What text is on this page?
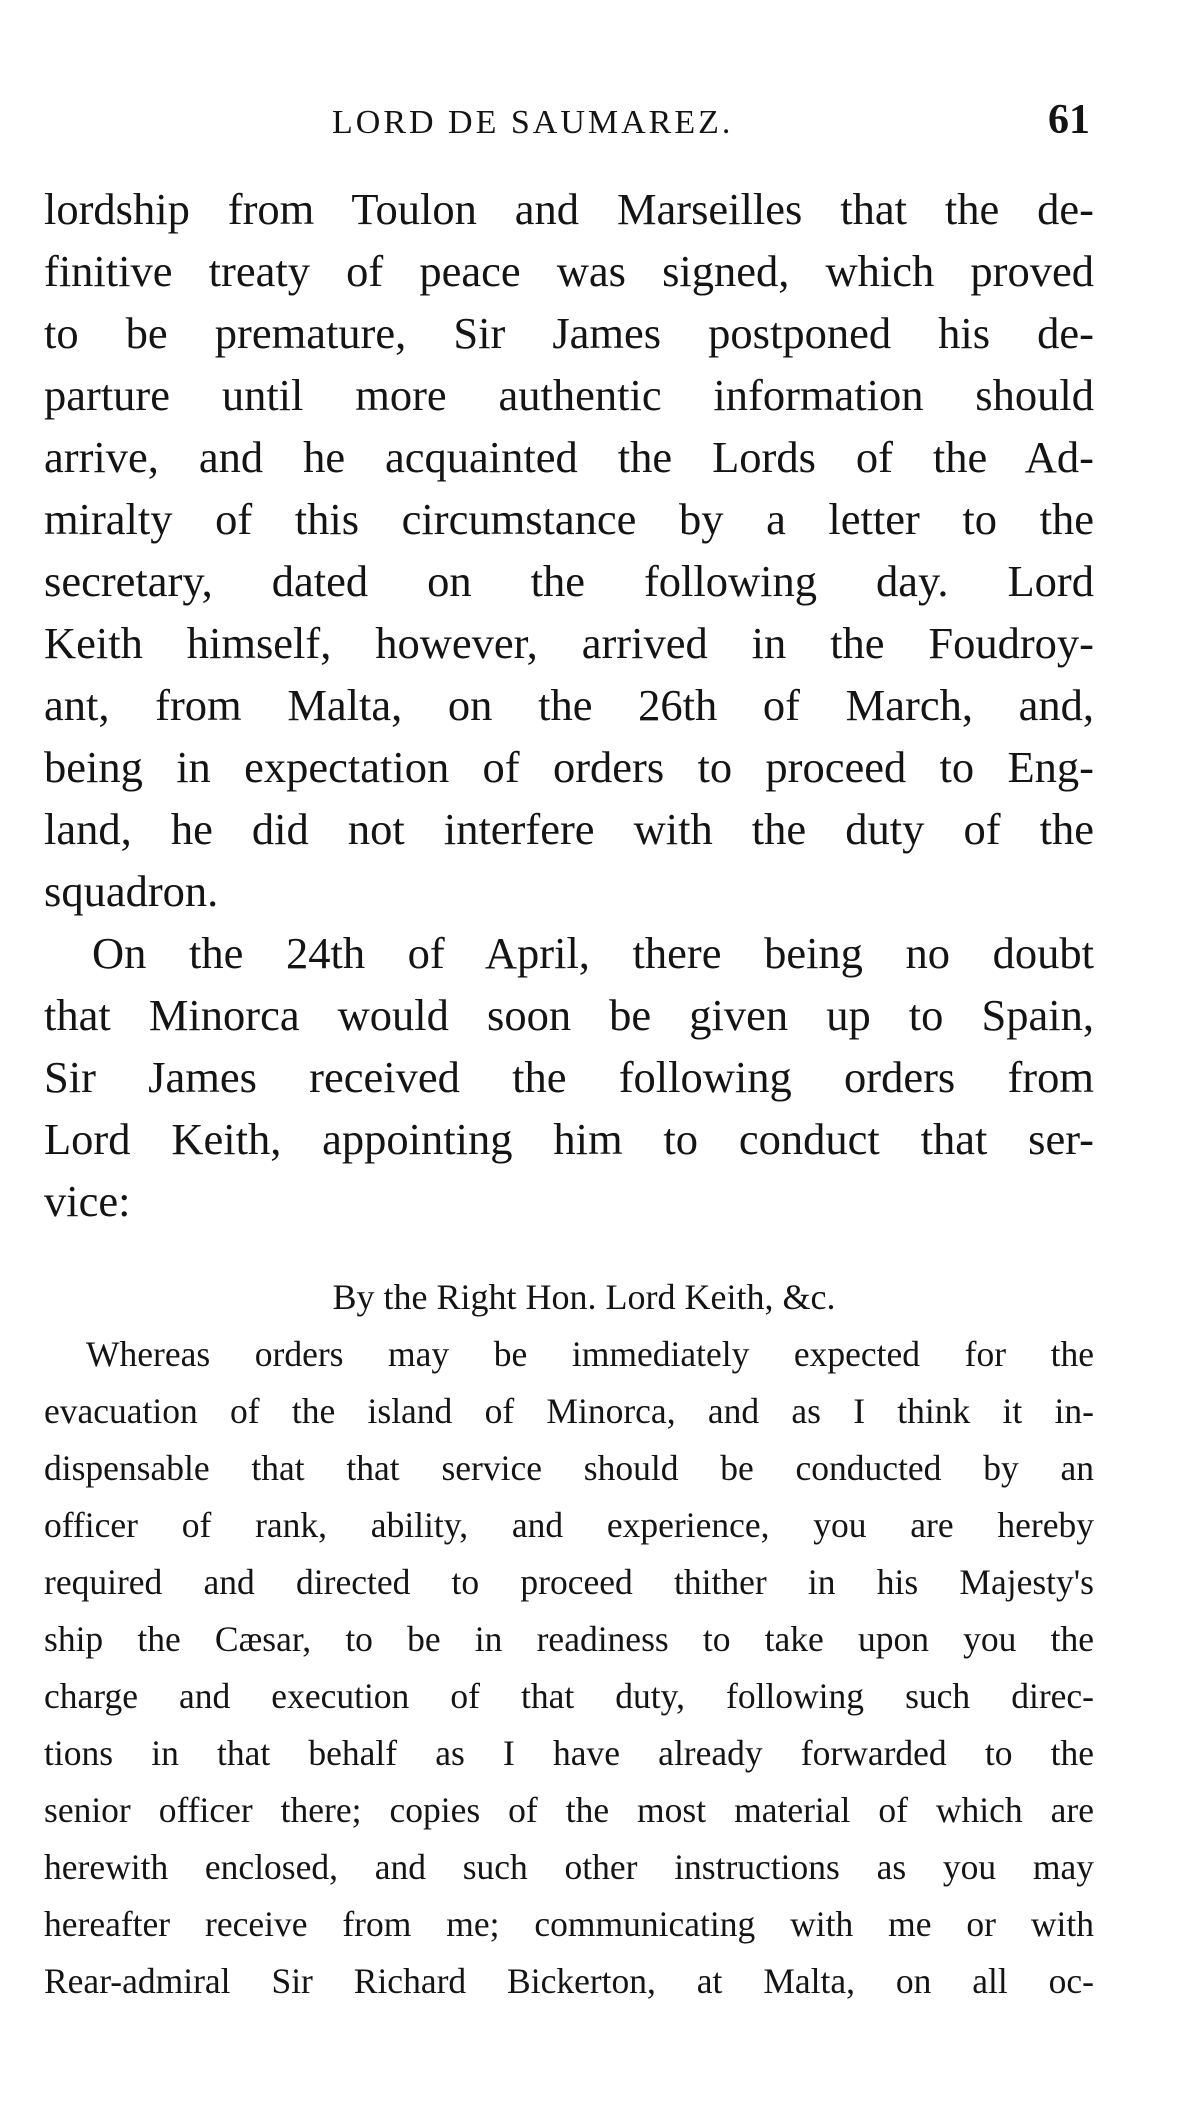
LORD DE SAUMAREZ.	61
lordship from Toulon and Marseilles that the de-
finitive treaty of peace was signed, which proved
to be premature, Sir James postponed his de-
parture until more authentic information should
arrive, and he acquainted the Lords of the Ad-
miralty of this circumstance by a letter to the
secretary, dated on the following day. Lord
Keith himself, however, arrived in the Foudroy-
ant, from Malta, on the 26th of March, and,
being in expectation of orders to proceed to Eng-
land, he did not interfere with the duty of the
squadron.
On the 24th of April, there being no doubt
that Minorca would soon be given up to Spain,
Sir James received the following orders from
Lord Keith, appointing him to conduct that ser-
vice:
By the Right Hon. Lord Keith, &c.
Whereas orders may be immediately expected for the
evacuation of the island of Minorca, and as I think it in-
dispensable that that service should be conducted by an
officer of rank, ability, and experience, you are hereby
required and directed to proceed thither in his Majesty's
ship the Cæsar, to be in readiness to take upon you the
charge and execution of that duty, following such direc-
tions in that behalf as I have already forwarded to the
senior officer there; copies of the most material of which are
herewith enclosed, and such other instructions as you may
hereafter receive from me; communicating with me or with
Rear-admiral Sir Richard Bickerton, at Malta, on all oc-
